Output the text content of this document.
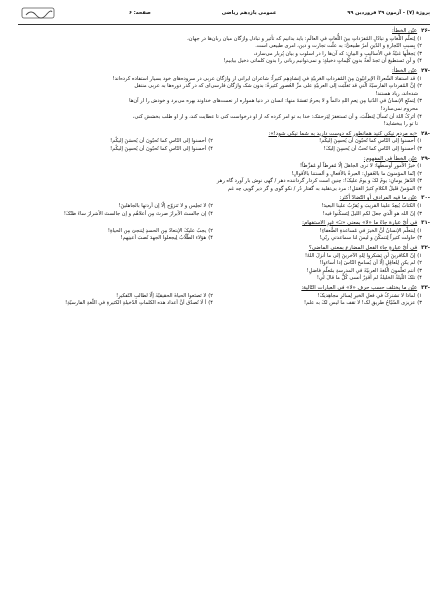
پروژهٔ (۷) - آزمون ۲۹ فروردین ۹۹
عمومی یازدهم ریاضی
صفحه: ۶
-۲۶عيّن الخطأ:
۱)لِتعلّم اللُّغاتِ و تبادُلِ المُفرَداتِ بينَ اللُّغاتِ في العالَمِ: باید بدانیم که تأثیر و تبادل واژگان میان زبان‌ها در جهان،
۲)بِسببِ التّجارةِ و الدّینِ أمرٌ طبیعیٌّ: به علّت تجارت و دین، امری طبیعی است.
۳)يَجعَلُها غنيّةً في الأساليبِ و البيانِ: که آن‌ها را در اسلوب و بیان پُربار می‌سازد،
۴)و لَن تَستطيعَ أن تَجدَ لُغةً بدونِ كَلِماتٍ دخيلةٍ: و نمی‌توانیم زبانی را بدون کلماتی دخیل بیابیم!
-۲۷عيّن الخطأ:
۱)قد استفادَ الشّعراءُ الإیرانیّونَ مِنَ المُفرداتِ العَربیّةِ في إنشادِهِم کثیراً: شاعران ایرانی از واژگان عربی در سروده‌های خود بسیار استفاده کرده‌اند!
۲)إنَّ المُفرداتِ الفارسیّةَ الّتي قد تَغلّبَت إلی العربیّةِ علی مرِّ العُصورِ کثیرةٌ: بدون شک واژگان فارسی‌ای که در گذر دوره‌ها به عربی منتقل
شده‌اند، زیاد هستند!
۳)لِتمتّعِ الإنسانُ في الدّنیا مِن نِعمِ اللهِ دائماً و لا یحرمُ نَفسَهُ منها: انسان در دنیا همواره از نعمت‌های خداوند بهره می‌برد و خودش را از آن‌ها
محروم نمی‌سازد!
۴)أتَرکُ اللهَ أن تُسألَ لِتطلّبَ، و أن تَستغفرَ لِیَرحمَک: خدا به تو امر کرده که از او درخواست کنی تا عطایت کند، و از او طلب بخشش کنی،
تا تو را ببخشاید!
-۲۸«به مردم نیکی کنید همانطور که دوست دارید به شما نیکی شود!»:
۱)أحسنوا إلی النّاسِ کما تُحبّونَ أن یُحسِنَ إلیکُم!
۲)أحسنوا إلی النّاسِ کما تُحبّونَ أن یُحسَنَ إلیکُم!
۳)أحسنوا إلی النّاسِ کما تُحبّ أن یُحسِنَ إلیکَ!
۴)أحسنوا إلی النّاسِ کما تُحبّونَ أن یُحسِنَ إلیکُم!
-۲۹عيّن الخطأ في المفهوم:
۱)خیرُ الأمورِ أوسطُها: لا تری الجاهلَ إلّا مُفرِطاً أو مُفرِّطاً!
۲)إنّما المؤمنونَ ما بالعُقولِ: العبرةُ بالأفعالِ و ألسنتنا بالأقوالِ!
۳)الدّهرُ یومانِ: یومٌ لکَ و یومٌ علیکَ!: چنین است کردار گرداننده دهر / گهی نوش بار آورد گاه زهر
۴)المؤمنُ قلیلُ الکلامِ کثیرُ العَمَلِ!: مرد بی‌تقلید به گفتار دُر / نکو گوی و گر دیر گویی چه غم
-۳۰عيّن ما فیه المرادف أو التّضادّ أکثر:
۱)الکتابُ یُبعِدُ علینا القریبَ و یُقرّبُ علینا البعیدَ!
۲)لا تَجلِس و لا تَتزوّج إلّا إن أردتها بالجاهلینَ!
۳)إنّ الله هو الّذي جعلَ لکم اللیلَ لِتَسکُنوا فیه!
۴)إن جالستَ الأبرارَ صرتَ مِن أعلاهُم و إن جالستَ الأشرارَ ساءَ ظنّکَ!
-۳۱في أیّ عبارة جاءَ ما «لا» بمعنی «نـَ» غیرِ الاستفهام:
۱)لِنتعلّم الإنسانُ أنَّ الخیرَ في مُساعدةِ الضُّعفاءِ!
۲)یجبُ علیکَ الإبتعادُ مِن الحسدِ لِتنجیَ مِن الحیاةِ!
۳)حاولت کثیراً لِتتمکّنَ و لیسَ لنا سماعدتي ربّي!
۴)هؤلاء الطّلّابُ لِیجعلوا الجهدَ نُصبَ أعینِهم!
-۳۲في أیّ عبارةٍ جاء الفعل المضارع بمعنی الماضي؟
۱)إنّ الکافرینَ لَن یَشکروا لِلهِ الآخرینَ إلی ما أنزلَ اللهُ!
۲)لم یکن لِلعاقِلِ إلّا أن یُسامحَ النّاسَ إذا أساءوا!
۳)أنتم تَعلّمونَ الّلغةَ العربیّةَ في المدرسةِ بمُعلّمٍ فاضلٍ!
۴)تلکَ اللّیلةُ الحَلیلةُ لم أقدِرْ أنسی کُلَّ ما قالَ لي!
-۳۳عيّن ما یختلف حسب حرف «لا» في العبارات التّالیة:
۱)لماذا لا تشترکُ في فعلِ الخیرِ لِسائرِ مجاهِدیکَ!
۲)لا تَصنَعوا الحیاةَ الحقیقیّةَ إلّا لطالبِ التّفکیرِ!
۳)عزیزی السّیّاحُ طریق لک! لا تقف ما لیس لکَ به علم!
۴)أ لَا تُصدّق أنَّ أعداد هذه الکلماتِ الدّخیلةِ الکثیرةِ في اللّغةِ الفارسیّةِ!
